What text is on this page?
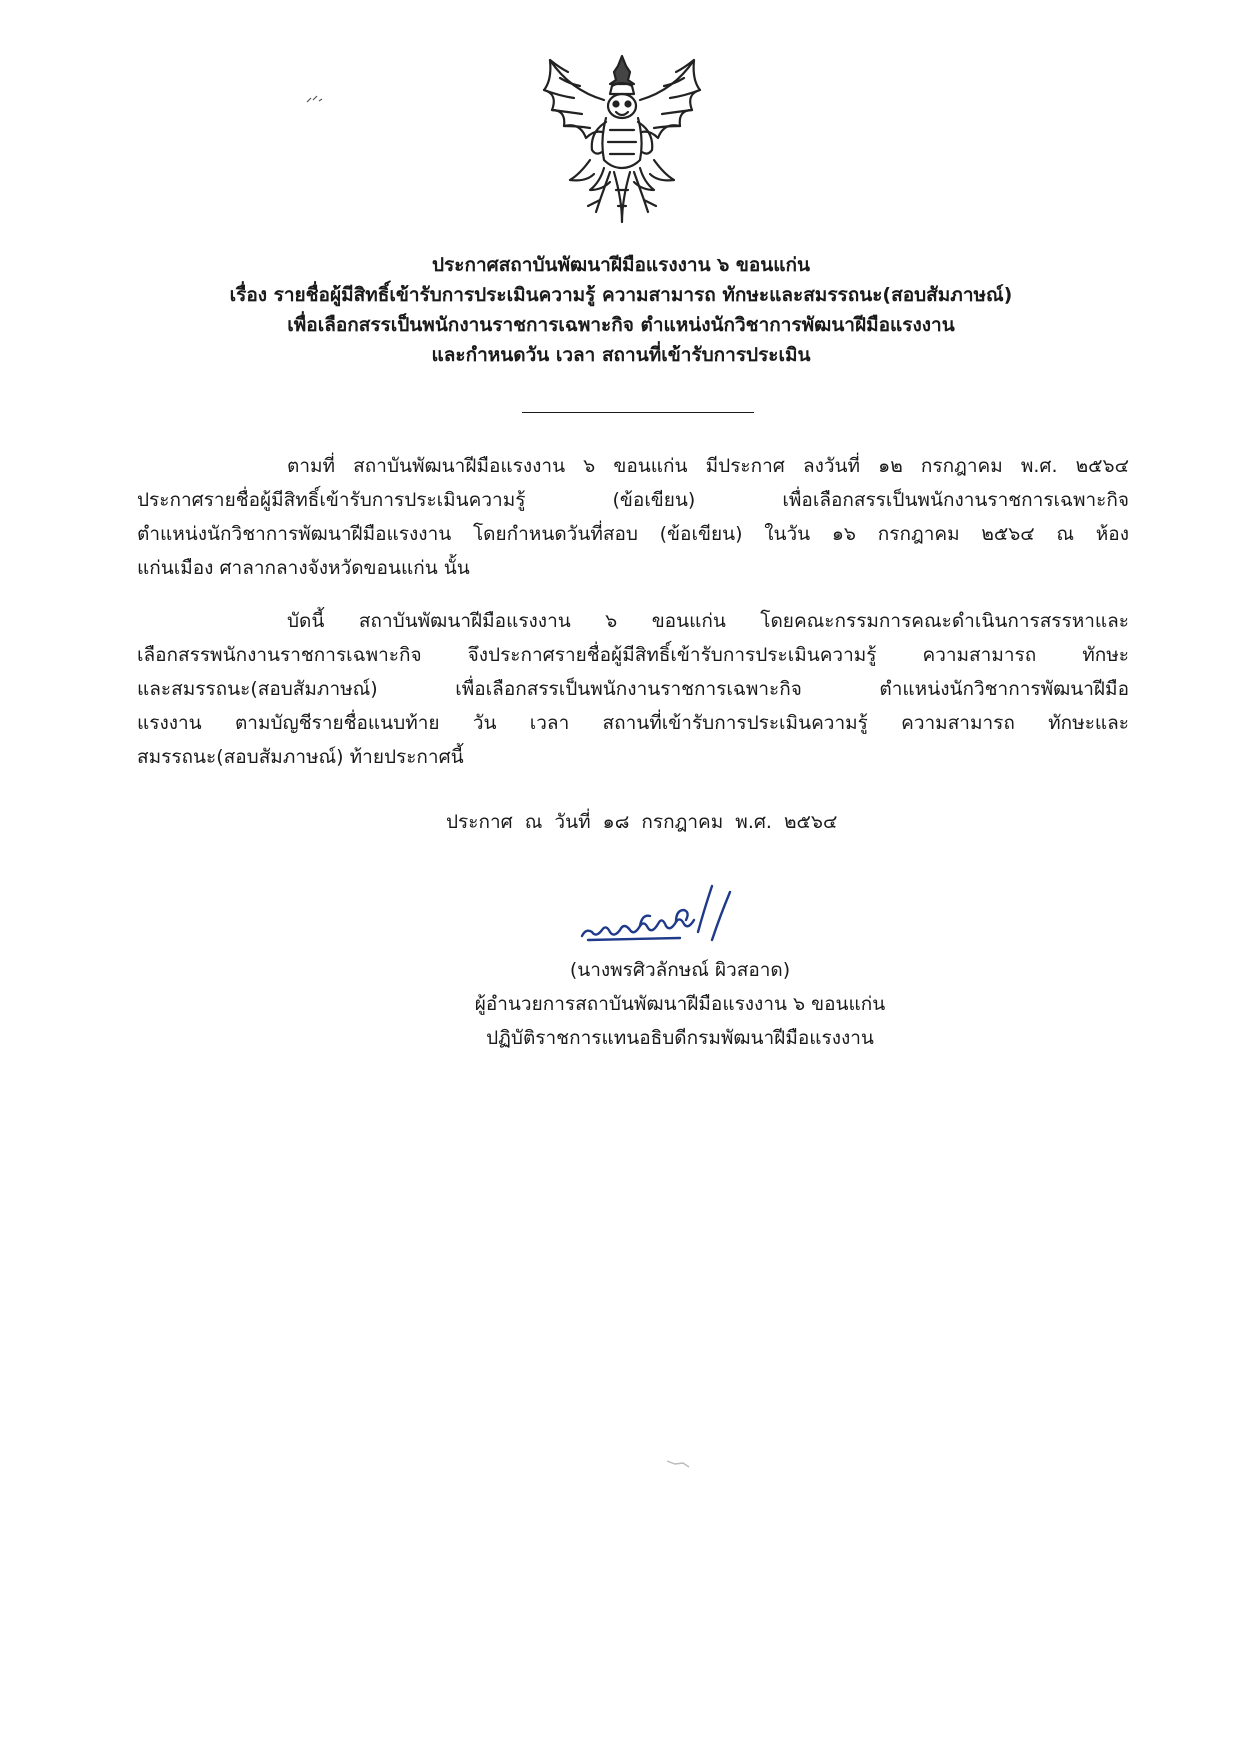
ประกาศสถาบันพัฒนาฝีมือแรงงาน ๖ ขอนแก่น
เรื่อง รายชื่อผู้มีสิทธิ์เข้ารับการประเมินความรู้ ความสามารถ ทักษะและสมรรถนะ(สอบสัมภาษณ์)
เพื่อเลือกสรรเป็นพนักงานราชการเฉพาะกิจ ตำแหน่งนักวิชาการพัฒนาฝีมือแรงงาน
และกำหนดวัน เวลา สถานที่เข้ารับการประเมิน
ตามที่ สถาบันพัฒนาฝีมือแรงงาน ๖ ขอนแก่น มีประกาศ ลงวันที่ ๑๒ กรกฎาคม พ.ศ. ๒๕๖๔
ประกาศรายชื่อผู้มีสิทธิ์เข้ารับการประเมินความรู้ (ข้อเขียน) เพื่อเลือกสรรเป็นพนักงานราชการเฉพาะกิจ
ตำแหน่งนักวิชาการพัฒนาฝีมือแรงงาน โดยกำหนดวันที่สอบ (ข้อเขียน) ในวัน ๑๖ กรกฎาคม ๒๕๖๔ ณ ห้อง
แก่นเมือง ศาลากลางจังหวัดขอนแก่น นั้น
บัดนี้ สถาบันพัฒนาฝีมือแรงงาน ๖ ขอนแก่น โดยคณะกรรมการคณะดำเนินการสรรหาและ
เลือกสรรพนักงานราชการเฉพาะกิจ จึงประกาศรายชื่อผู้มีสิทธิ์เข้ารับการประเมินความรู้ ความสามารถ ทักษะ
และสมรรถนะ(สอบสัมภาษณ์) เพื่อเลือกสรรเป็นพนักงานราชการเฉพาะกิจ ตำแหน่งนักวิชาการพัฒนาฝีมือ
แรงงาน ตามบัญชีรายชื่อแนบท้าย วัน เวลา สถานที่เข้ารับการประเมินความรู้ ความสามารถ ทักษะและ
สมรรถนะ(สอบสัมภาษณ์) ท้ายประกาศนี้
ประกาศ ณ วันที่ ๑๘ กรกฎาคม พ.ศ. ๒๕๖๔
(นางพรศิวลักษณ์ ผิวสอาด)
ผู้อำนวยการสถาบันพัฒนาฝีมือแรงงาน ๖ ขอนแก่น
ปฏิบัติราชการแทนอธิบดีกรมพัฒนาฝีมือแรงงาน
